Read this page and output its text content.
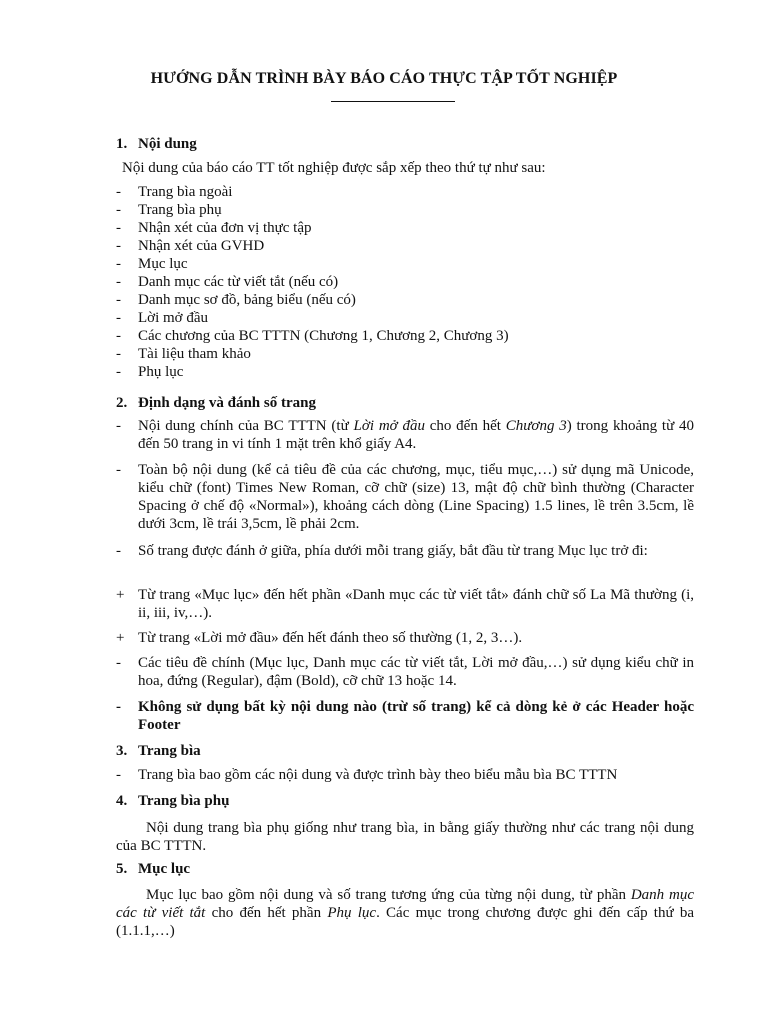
HƯỚNG DẪN TRÌNH BÀY BÁO CÁO THỰC TẬP TỐT NGHIỆP
1. Nội dung
Nội dung của báo cáo TT tốt nghiệp được sắp xếp theo thứ tự như sau:
- Trang bìa ngoài
- Trang bìa phụ
- Nhận xét của đơn vị thực tập
- Nhận xét của GVHD
- Mục lục
- Danh mục các từ viết tắt (nếu có)
- Danh mục sơ đồ, bảng biểu (nếu có)
- Lời mở đầu
- Các chương của BC TTTN (Chương 1, Chương 2, Chương 3)
- Tài liệu tham khảo
- Phụ lục
2. Định dạng và đánh số trang
- Nội dung chính của BC TTTN (từ Lời mở đầu cho đến hết Chương 3) trong khoảng từ 40 đến 50 trang in vi tính 1 mặt trên khổ giấy A4.
- Toàn bộ nội dung (kể cả tiêu đề của các chương, mục, tiểu mục,…) sử dụng mã Unicode, kiểu chữ (font) Times New Roman, cỡ chữ (size) 13, mật độ chữ bình thường (Character Spacing ở chế độ «Normal»), khoảng cách dòng (Line Spacing) 1.5 lines, lề trên 3.5cm, lề dưới 3cm, lề trái 3,5cm, lề phải 2cm.
- Số trang được đánh ở giữa, phía dưới mỗi trang giấy, bắt đầu từ trang Mục lục trở đi:
+ Từ trang «Mục lục» đến hết phần «Danh mục các từ viết tắt» đánh chữ số La Mã thường (i, ii, iii, iv,…).
+ Từ trang «Lời mở đầu» đến hết đánh theo số thường (1, 2, 3…).
- Các tiêu đề chính (Mục lục, Danh mục các từ viết tắt, Lời mở đầu,…) sử dụng kiểu chữ in hoa, đứng (Regular), đậm (Bold), cỡ chữ 13 hoặc 14.
- Không sử dụng bất kỳ nội dung nào (trừ số trang) kể cả dòng kẻ ở các Header hoặc Footer
3. Trang bìa
- Trang bìa bao gồm các nội dung và được trình bày theo biểu mẫu bìa BC TTTN
4. Trang bìa phụ
Nội dung trang bìa phụ giống như trang bìa, in bằng giấy thường như các trang nội dung của BC TTTN.
5. Mục lục
Mục lục bao gồm nội dung và số trang tương ứng của từng nội dung, từ phần Danh mục các từ viết tắt cho đến hết phần Phụ lục. Các mục trong chương được ghi đến cấp thứ ba (1.1.1,…)
